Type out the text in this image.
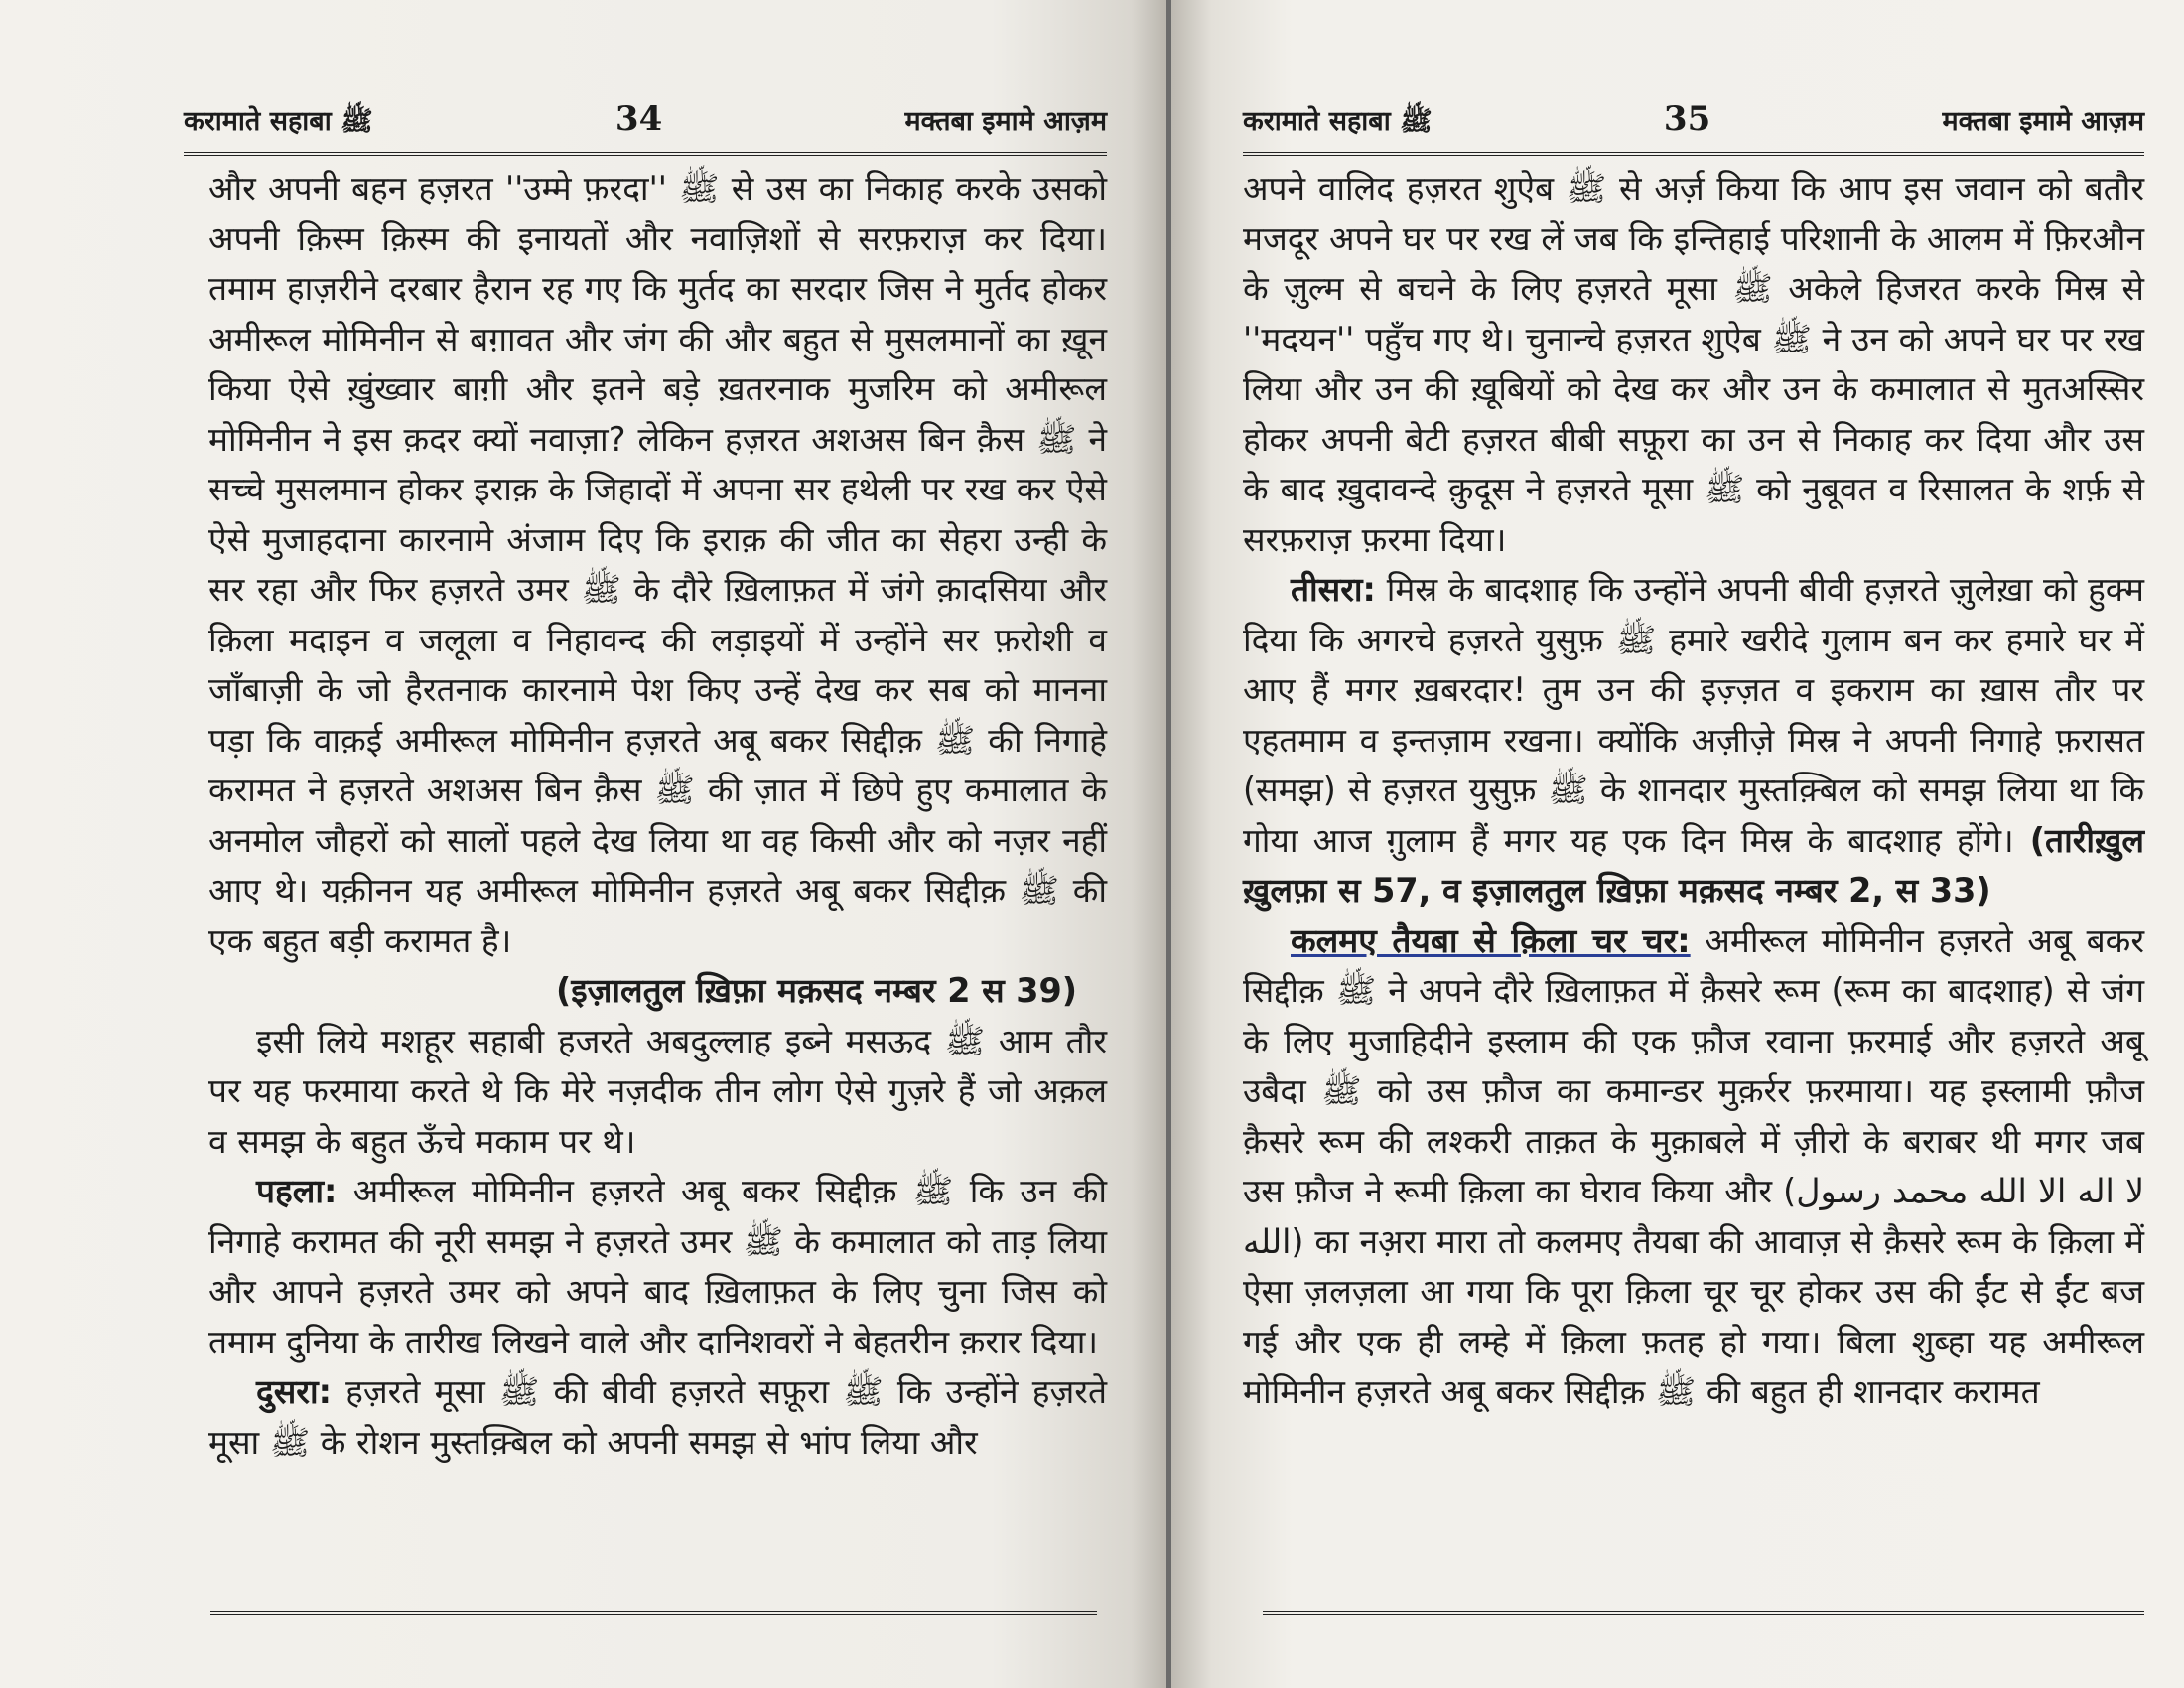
करामाते सहाबा ﷺ	34	मक्तबा इमामे आज़म

और अपनी बहन हज़रत ''उम्मे फ़रदा'' ﷺ से उस का निकाह करके उसको अपनी क़िस्म क़िस्म की इनायतों और नवाज़िशों से सरफ़राज़ कर दिया। तमाम हाज़रीने दरबार हैरान रह गए कि मुर्तद का सरदार जिस ने मुर्तद होकर अमीरूल मोमिनीन से बग़ावत और जंग की और बहुत से मुसलमानों का ख़ून किया ऐसे ख़ुंख्वार बाग़ी और इतने बड़े ख़तरनाक मुजरिम को अमीरूल मोमिनीन ने इस क़दर क्यों नवाज़ा? लेकिन हज़रत अशअस बिन क़ैस ﷺ ने सच्चे मुसलमान होकर इराक़ के जिहादों में अपना सर हथेली पर रख कर ऐसे ऐसे मुजाहदाना कारनामे अंजाम दिए कि इराक़ की जीत का सेहरा उन्ही के सर रहा और फिर हज़रते उमर ﷺ के दौरे ख़िलाफ़त में जंगे क़ादसिया और क़िला मदाइन व जलूला व निहावन्द की लड़ाइयों में उन्होंने सर फ़रोशी व जाँबाज़ी के जो हैरतनाक कारनामे पेश किए उन्हें देख कर सब को मानना पड़ा कि वाक़ई अमीरूल मोमिनीन हज़रते अबू बकर सिद्दीक़ ﷺ की निगाहे करामत ने हज़रते अशअस बिन क़ैस ﷺ की ज़ात में छिपे हुए कमालात के अनमोल जौहरों को सालों पहले देख लिया था वह किसी और को नज़र नहीं आए थे। यक़ीनन यह अमीरूल मोमिनीन हज़रते अबू बकर सिद्दीक़ ﷺ की एक बहुत बड़ी करामत है।

(इज़ालतुल ख़िफ़ा मक़सद नम्बर 2 स 39)

इसी लिये मशहूर सहाबी हजरते अबदुल्लाह इब्ने मसऊद ﷺ आम तौर पर यह फरमाया करते थे कि मेरे नज़दीक तीन लोग ऐसे गुज़रे हैं जो अक़ल व समझ के बहुत ऊँचे मकाम पर थे।

पहला: अमीरूल मोमिनीन हज़रते अबू बकर सिद्दीक़ ﷺ कि उन की निगाहे करामत की नूरी समझ ने हज़रते उमर ﷺ के कमालात को ताड़ लिया और आपने हज़रते उमर को अपने बाद ख़िलाफ़त के लिए चुना जिस को तमाम दुनिया के तारीख लिखने वाले और दानिशवरों ने बेहतरीन क़रार दिया।

दुसरा: हज़रते मूसा ﷺ की बीवी हज़रते सफ़ूरा ﷺ कि उन्होंने हज़रते मूसा ﷺ के रोशन मुस्तक़्बिल को अपनी समझ से भांप लिया और

करामाते सहाबा ﷺ	35	मक्तबा इमामे आज़म

अपने वालिद हज़रत शुऐब ﷺ से अर्ज़ किया कि आप इस जवान को बतौर मजदूर अपने घर पर रख लें जब कि इन्तिहाई परिशानी के आलम में फ़िरऔन के ज़ुल्म से बचने के लिए हज़रते मूसा ﷺ अकेले हिजरत करके मिस्र से ''मदयन'' पहुँच गए थे। चुनान्चे हज़रत शुऐब ﷺ ने उन को अपने घर पर रख लिया और उन की ख़ूबियों को देख कर और उन के कमालात से मुतअस्सिर होकर अपनी बेटी हज़रत बीबी सफ़ूरा का उन से निकाह कर दिया और उस के बाद ख़ुदावन्दे क़ुदूस ने हज़रते मूसा ﷺ को नुबूवत व रिसालत के शर्फ़ से सरफ़राज़ फ़रमा दिया।

तीसरा: मिस्र के बादशाह कि उन्होंने अपनी बीवी हज़रते ज़ुलेख़ा को हुक्म दिया कि अगरचे हज़रते युसुफ़ ﷺ हमारे खरीदे गुलाम बन कर हमारे घर में आए हैं मगर ख़बरदार! तुम उन की इज़्ज़त व इकराम का ख़ास तौर पर एहतमाम व इन्तज़ाम रखना। क्योंकि अज़ीज़े मिस्र ने अपनी निगाहे फ़रासत (समझ) से हज़रत युसुफ़ ﷺ के शानदार मुस्तक़्बिल को समझ लिया था कि गोया आज ग़ुलाम हैं मगर यह एक दिन मिस्र के बादशाह होंगे। (तारीख़ुल ख़ुलफ़ा स 57, व इज़ालतुल ख़िफ़ा मक़सद नम्बर 2, स 33)

कलमए तैयबा से क़िला चर चर: अमीरूल मोमिनीन हज़रते अबू बकर सिद्दीक़ ﷺ ने अपने दौरे ख़िलाफ़त में क़ैसरे रूम (रूम का बादशाह) से जंग के लिए मुजाहिदीने इस्लाम की एक फ़ौज रवाना फ़रमाई और हज़रते अबू उबैदा ﷺ को उस फ़ौज का कमान्डर मुक़र्रर फ़रमाया। यह इस्लामी फ़ौज क़ैसरे रूम की लश्करी ताक़त के मुक़ाबले में ज़ीरो के बराबर थी मगर जब उस फ़ौज ने रूमी क़िला का घेराव किया और (لا اله الا الله محمد رسول الله) का नअ़रा मारा तो कलमए तैयबा की आवाज़ से क़ैसरे रूम के क़िला में ऐसा ज़लज़ला आ गया कि पूरा क़िला चूर चूर होकर उस की ईंट से ईंट बज गई और एक ही लम्हे में क़िला फ़तह हो गया। बिला शुब्हा यह अमीरूल मोमिनीन हज़रते अबू बकर सिद्दीक़ ﷺ की बहुत ही शानदार करामत
